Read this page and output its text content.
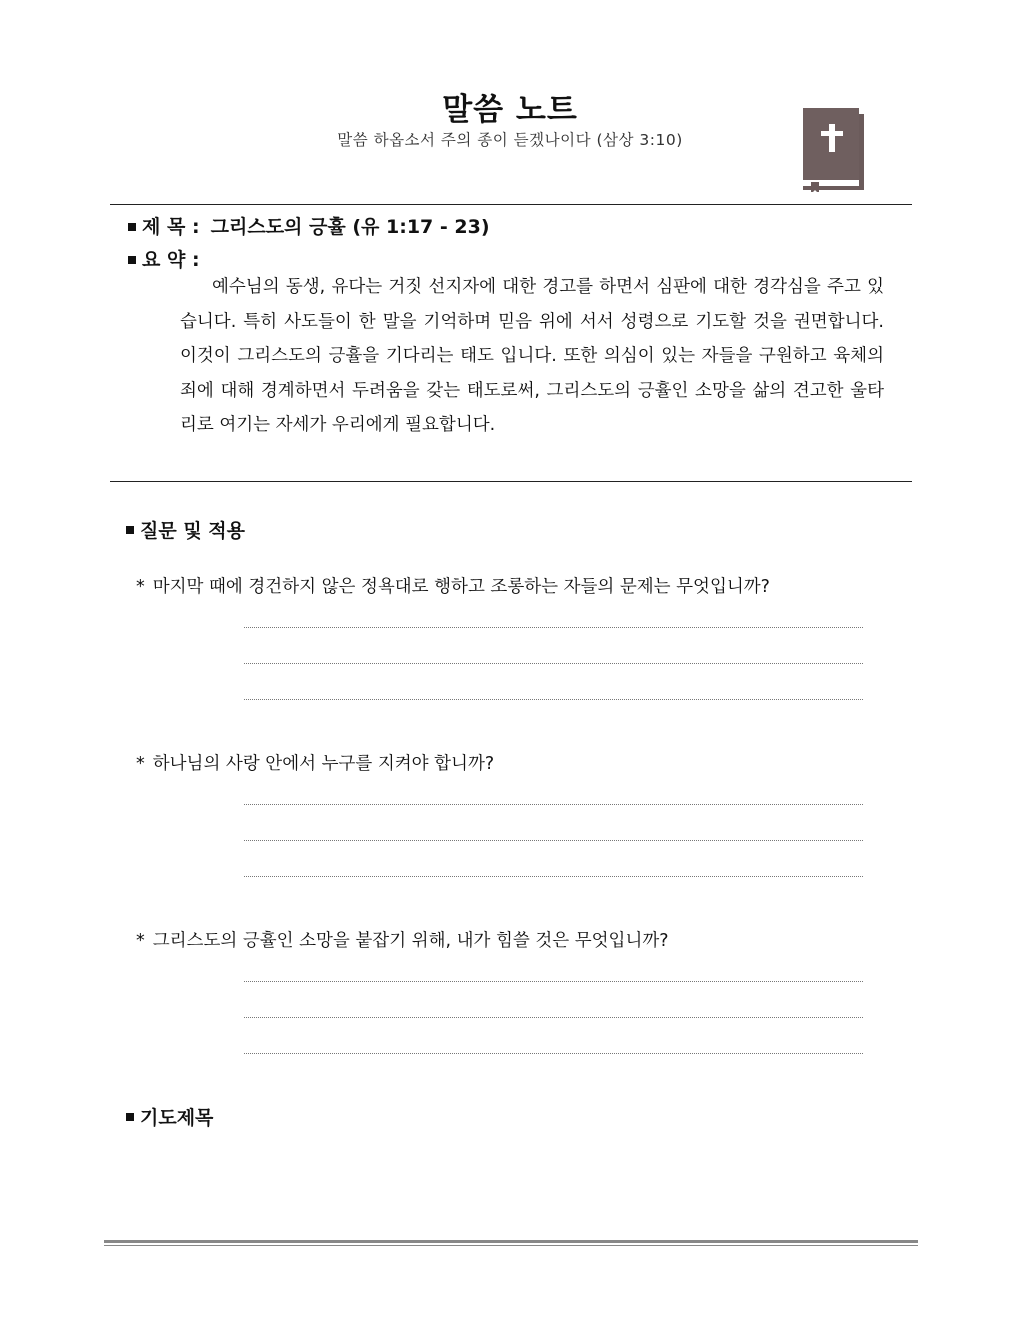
말씀 노트
말씀 하옵소서 주의 종이 듣겠나이다 (삼상 3:10)
제 목 : 그리스도의 긍휼 (유 1:17 - 23)
요 약 :
예수님의 동생, 유다는 거짓 선지자에 대한 경고를 하면서 심판에 대한 경각심을 주고 있습니다. 특히 사도들이 한 말을 기억하며 믿음 위에 서서 성령으로 기도할 것을 권면합니다. 이것이 그리스도의 긍휼을 기다리는 태도 입니다. 또한 의심이 있는 자들을 구원하고 육체의 죄에 대해 경계하면서 두려움을 갖는 태도로써, 그리스도의 긍휼인 소망을 삶의 견고한 울타리로 여기는 자세가 우리에게 필요합니다.
질문 및 적용
* 마지막 때에 경건하지 않은 정욕대로 행하고 조롱하는 자들의 문제는 무엇입니까?
* 하나님의 사랑 안에서 누구를 지켜야 합니까?
* 그리스도의 긍휼인 소망을 붙잡기 위해, 내가 힘쓸 것은 무엇입니까?
기도제목
